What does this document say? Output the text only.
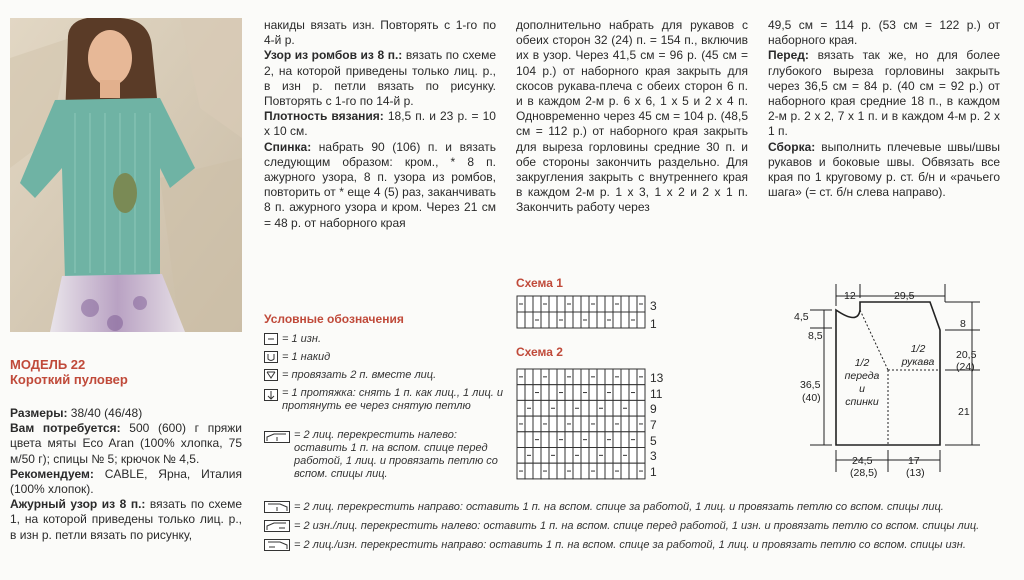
МОДЕЛЬ 22
Короткий пуловер

Размеры: 38/40 (46/48)

Вам потребуется: 500 (600) г пряжи цвета мяты Eco Aran (100% хлопка, 75 м/50 г); спицы № 5; крючок № 4,5.

Рекомендуем: CABLE, Ярна, Италия (100% хлопок).

Ажурный узор из 8 п.: вязать по схеме 1, на которой приведены только лиц. р., в изн р. петли вязать по рисунку,

накиды вязать изн. Повторять с 1-го по 4-й р.

Узор из ромбов из 8 п.: вязать по схеме 2, на которой приведены только лиц. р., в изн р. петли вязать по рисунку. Повторять с 1-го по 14-й р.

Плотность вязания: 18,5 п. и 23 р. = 10 х 10 см.

Спинка: набрать 90 (106) п. и вязать следующим образом: кром., * 8 п. ажурного узора, 8 п. узора из ромбов, повторить от * еще 4 (5) раз, заканчивать 8 п. ажурного узора и кром. Через 21 см = 48 р. от наборного края

дополнительно набрать для рукавов с обеих сторон 32 (24) п. = 154 п., включив их в узор. Через 41,5 см = 96 р. (45 см = 104 р.) от наборного края закрыть для скосов рукава-плеча с обеих сторон 6 п. и в каждом 2-м р. 6 х 6, 1 х 5 и 2 х 4 п. Одновременно через 45 см = 104 р. (48,5 см = 112 р.) от наборного края закрыть для выреза горловины средние 30 п. и обе стороны закончить раздельно. Для закругления закрыть с внутреннего края в каждом 2-м р. 1 х 3, 1 х 2 и 2 х 1 п. Закончить работу через

49,5 см = 114 р. (53 см = 122 р.) от наборного края.

Перед: вязать так же, но для более глубокого выреза горловины закрыть через 36,5 см = 84 р. (40 см = 92 р.) от наборного края средние 18 п., в каждом 2-м р. 2 х 2, 7 х 1 п. и в каждом 4-м р. 2 х 1 п.

Сборка: выполнить плечевые швы/швы рукавов и боковые швы. Обвязать все края по 1 круговому р. ст. б/н и «рачьего шага» (= ст. б/н слева направо).

Условные обозначения
= 1 изн.
= 1 накид
= провязать 2 п. вместе лиц.
= 1 протяжка: снять 1 п. как лиц., 1 лиц. и протянуть ее через снятую петлю
= 2 лиц. перекрестить налево: оставить 1 п. на вспом. спице перед работой, 1 лиц. и провязать петлю со вспом. спицы лиц.
= 2 лиц. перекрестить направо: оставить 1 п. на вспом. спице за работой, 1 лиц. и провязать петлю со вспом. спицы лиц.
= 2 изн./лиц. перекрестить налево: оставить 1 п. на вспом. спице перед работой, 1 изн. и провязать петлю со вспом. спицы лиц.
= 2 лиц./изн. перекрестить направо: оставить 1 п. на вспом. спице за работой, 1 лиц. и провязать петлю со вспом. спицы изн.
Схема 1
3
1
Схема 2
13
11
9
7
5
3
1
12	29,5
4,5
8,5
36,5
(40)
8
20,5
(24)
21
24,5
(28,5)
17
(13)
1/2
переда
и
спинки
1/2
рукава
